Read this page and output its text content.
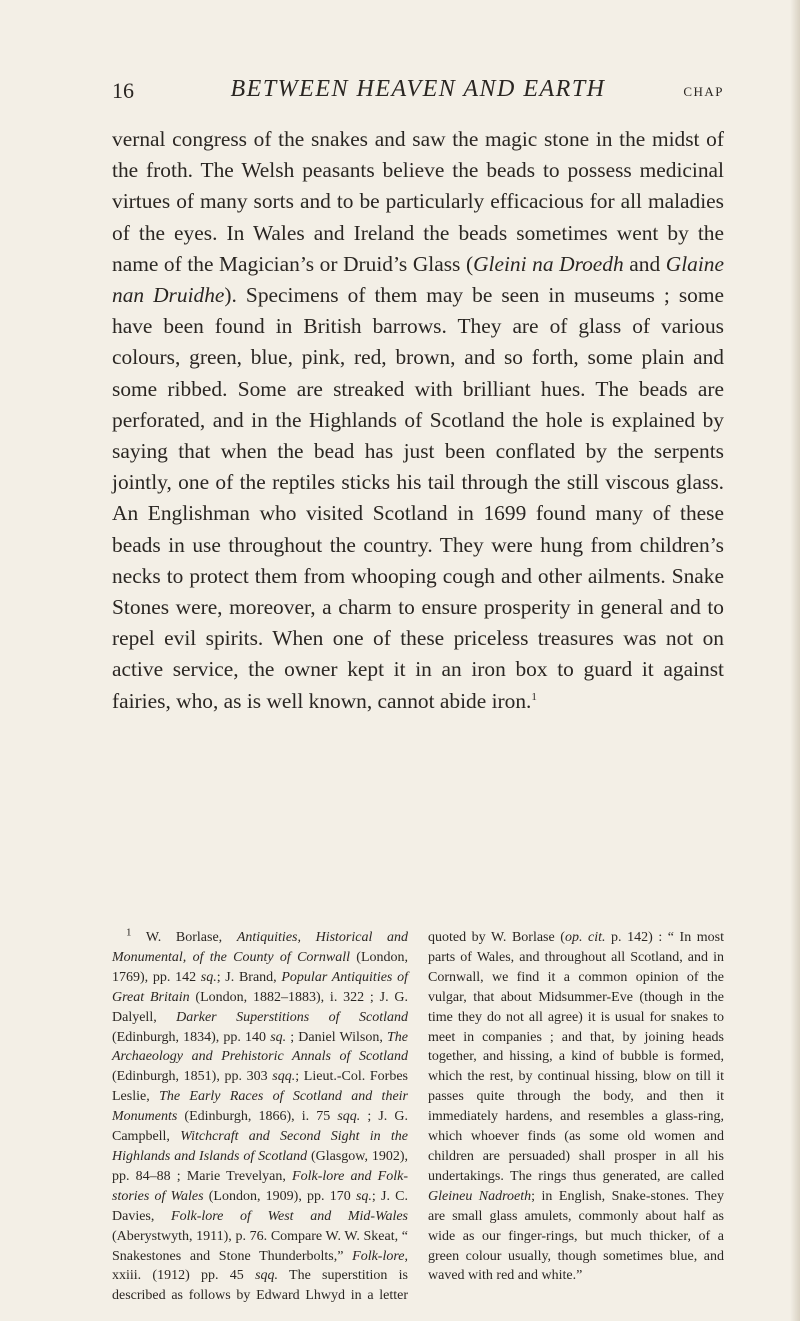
16	BETWEEN HEAVEN AND EARTH	CHAP

vernal congress of the snakes and saw the magic stone in the midst of the froth. The Welsh peasants believe the beads to possess medicinal virtues of many sorts and to be particularly efficacious for all maladies of the eyes. In Wales and Ireland the beads sometimes went by the name of the Magician’s or Druid’s Glass (Gleini na Droedh and Glaine nan Druidhe). Specimens of them may be seen in museums ; some have been found in British barrows. They are of glass of various colours, green, blue, pink, red, brown, and so forth, some plain and some ribbed. Some are streaked with brilliant hues. The beads are perforated, and in the Highlands of Scotland the hole is explained by saying that when the bead has just been conflated by the serpents jointly, one of the reptiles sticks his tail through the still viscous glass. An Englishman who visited Scotland in 1699 found many of these beads in use throughout the country. They were hung from children’s necks to protect them from whooping cough and other ailments. Snake Stones were, moreover, a charm to ensure prosperity in general and to repel evil spirits. When one of these priceless treasures was not on active service, the owner kept it in an iron box to guard it against fairies, who, as is well known, cannot abide iron.$^1$

$^1$ W. Borlase, Antiquities, Historical and Monumental, of the County of Cornwall (London, 1769), pp. 142 sq.; J. Brand, Popular Antiquities of Great Britain (London, 1882–1883), i. 322 ; J. G. Dalyell, Darker Superstitions of Scotland (Edinburgh, 1834), pp. 140 sq. ; Daniel Wilson, The Archaeology and Prehistoric Annals of Scotland (Edinburgh, 1851), pp. 303 sqq.; Lieut.-Col. Forbes Leslie, The Early Races of Scotland and their Monuments (Edinburgh, 1866), i. 75 sqq. ; J. G. Campbell, Witchcraft and Second Sight in the Highlands and Islands of Scotland (Glasgow, 1902), pp. 84–88 ; Marie Trevelyan, Folk-lore and Folk-stories of Wales (London, 1909), pp. 170 sq.; J. C. Davies, Folk-lore of West and Mid-Wales (Aberystwyth, 1911), p. 76. Compare W. W. Skeat, “ Snakestones and Stone Thunderbolts,” Folk-lore, xxiii. (1912) pp. 45 sqq. The superstition is described as follows by Edward Lhwyd in a letter quoted by W. Borlase (op. cit. p. 142) : “ In most parts of Wales, and throughout all Scotland, and in Cornwall, we find it a common opinion of the vulgar, that about Midsummer-Eve (though in the time they do not all agree) it is usual for snakes to meet in companies ; and that, by joining heads together, and hissing, a kind of bubble is formed, which the rest, by continual hissing, blow on till it passes quite through the body, and then it immediately hardens, and resembles a glass-ring, which whoever finds (as some old women and children are persuaded) shall prosper in all his undertakings. The rings thus generated, are called Gleineu Nadroeth; in English, Snake-stones. They are small glass amulets, commonly about half as wide as our finger-rings, but much thicker, of a green colour usually, though sometimes blue, and waved with red and white.”
